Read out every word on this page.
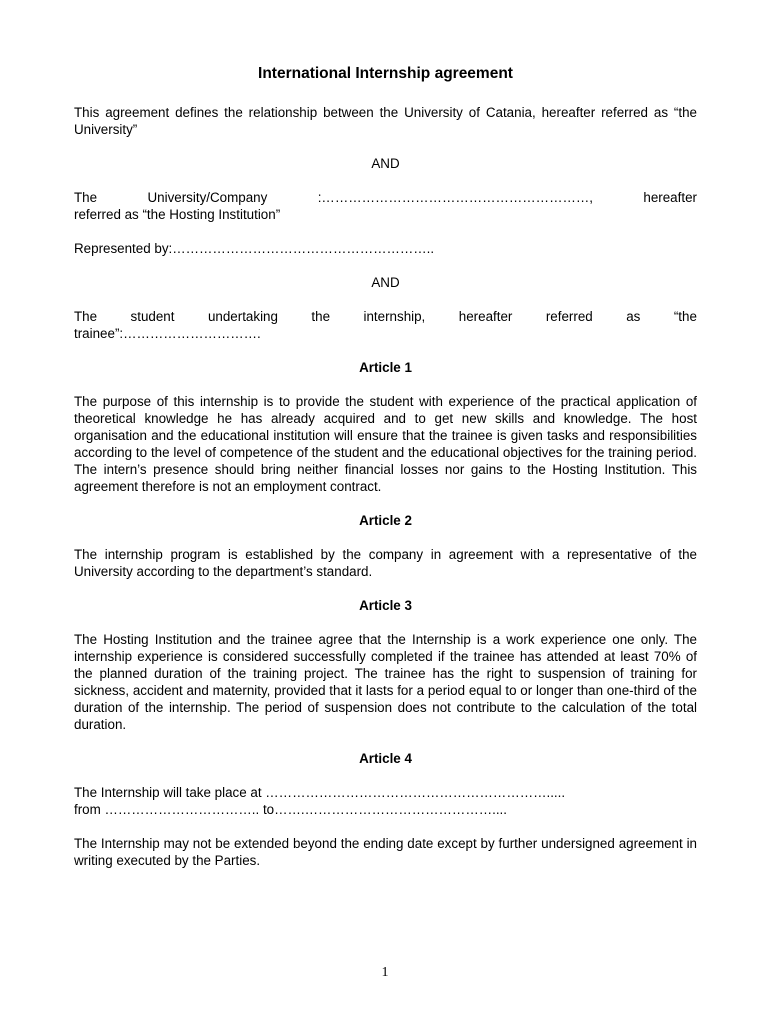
International Internship agreement

This agreement defines the relationship between the University of Catania, hereafter referred as “the University”

AND
The	University/Company	:……………………………………………………,	hereafter
referred as “the Hosting Institution”

Represented by:…………………………………………………..

AND
The student undertaking the internship, hereafter referred as “the
trainee”:………………………….
Article 1

The purpose of this internship is to provide the student with experience of the practical application of theoretical knowledge he has already acquired and to get new skills and knowledge. The host organisation and the educational institution will ensure that the trainee is given tasks and responsibilities according to the level of competence of the student and the educational objectives for the training period. The intern’s presence should bring neither financial losses nor gains to the Hosting Institution. This agreement therefore is not an employment contract.

Article 2

The internship program is established by the company in agreement with a representative of the University according to the department’s standard.

Article 3

The Hosting Institution and the trainee agree that the Internship is a work experience one only. The internship experience is considered successfully completed if the trainee has attended at least 70% of the planned duration of the training project. The trainee has the right to suspension of training for sickness, accident and maternity, provided that it lasts for a period equal to or longer than one-third of the duration of the internship. The period of suspension does not contribute to the calculation of the total duration.

Article 4
The Internship will take place at ……………………………………………………….....
from …………………………….. to…….……………………………………....

The Internship may not be extended beyond the ending date except by further undersigned agreement in writing executed by the Parties.

1
